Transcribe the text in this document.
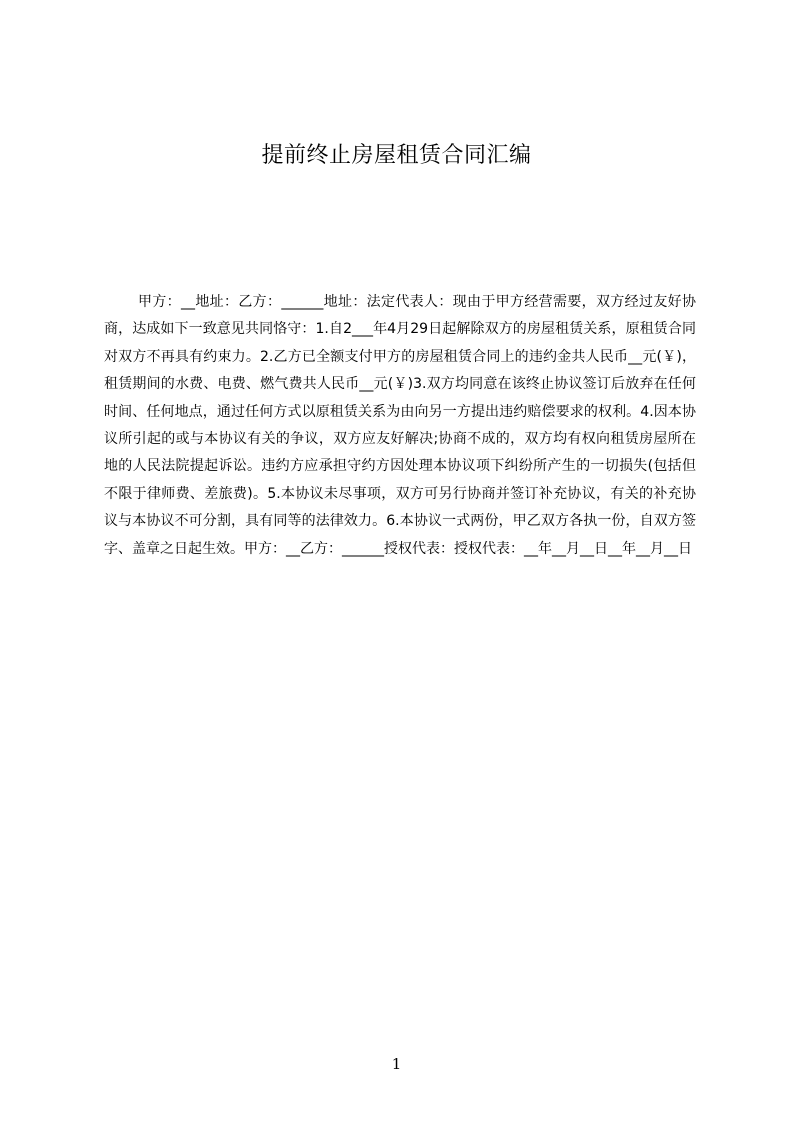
提前终止房屋租赁合同汇编
甲方：__地址：乙方：______地址：法定代表人：现由于甲方经营需要，双方经过友好协商，达成如下一致意见共同恪守：1.自2___年4月29日起解除双方的房屋租赁关系，原租赁合同对双方不再具有约束力。2.乙方已全额支付甲方的房屋租赁合同上的违约金共人民币__元(￥)，租赁期间的水费、电费、燃气费共人民币__元(￥)3.双方均同意在该终止协议签订后放弃在任何时间、任何地点，通过任何方式以原租赁关系为由向另一方提出违约赔偿要求的权利。4.因本协议所引起的或与本协议有关的争议，双方应友好解决;协商不成的，双方均有权向租赁房屋所在地的人民法院提起诉讼。违约方应承担守约方因处理本协议项下纠纷所产生的一切损失(包括但不限于律师费、差旅费)。5.本协议未尽事项，双方可另行协商并签订补充协议，有关的补充协议与本协议不可分割，具有同等的法律效力。6.本协议一式两份，甲乙双方各执一份，自双方签字、盖章之日起生效。甲方：__乙方：______授权代表：授权代表：__年__月__日__年__月__日
1
